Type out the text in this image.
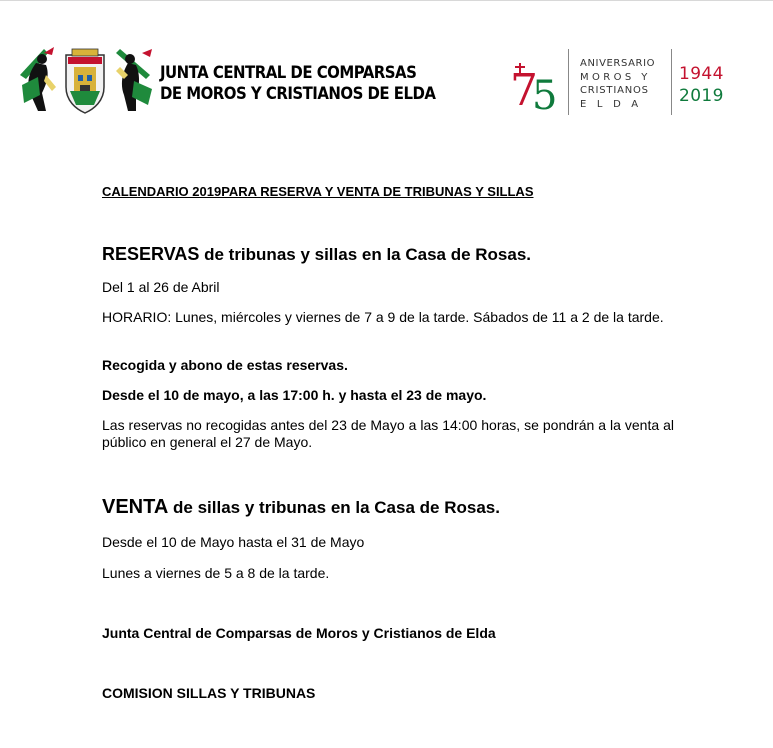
JUNTA CENTRAL DE COMPARSAS
DE MOROS Y CRISTIANOS DE ELDA 7
5
ANIVERSARIO
MOROS Y
CRISTIANOS
ELDA
1944
2019
CALENDARIO 2019PARA RESERVA Y VENTA DE TRIBUNAS Y SILLAS
RESERVAS de tribunas y sillas en la Casa de Rosas.
Del 1 al 26 de Abril
HORARIO: Lunes, miércoles y viernes de 7 a 9 de la tarde. Sábados de 11 a 2 de la tarde.
Recogida y abono de estas reservas.
Desde el 10 de mayo, a las 17:00 h. y hasta el 23 de mayo.
Las reservas no recogidas antes del 23 de Mayo a las 14:00 horas, se pondrán a la venta al público en general el 27 de Mayo.
VENTA de sillas y tribunas en la Casa de Rosas.
Desde el 10 de Mayo hasta el 31 de Mayo
Lunes a viernes de 5 a 8 de la tarde.
Junta Central de Comparsas de Moros y Cristianos de Elda
COMISION SILLAS Y TRIBUNAS
